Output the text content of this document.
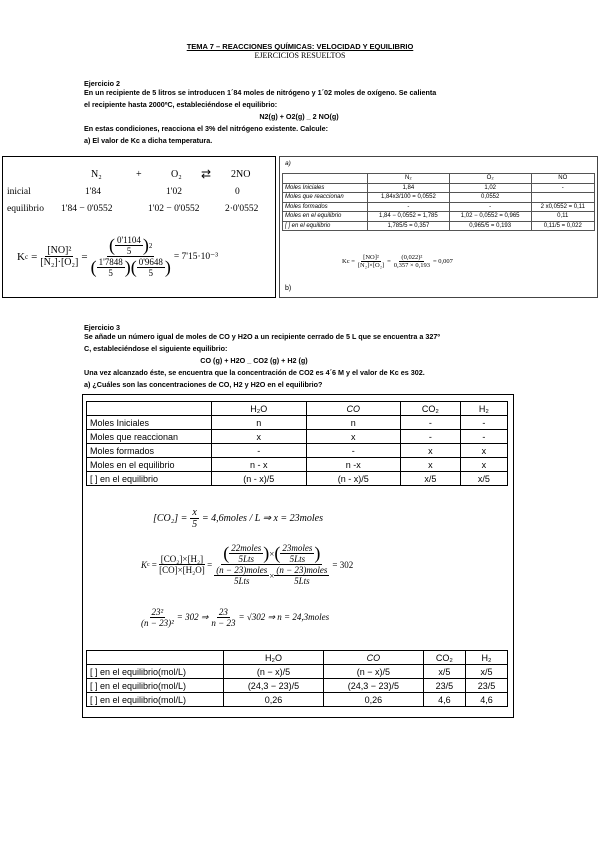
TEMA 7 – REACCIONES QUÍMICAS: VELOCIDAD Y EQUILIBRIO
EJERCICIOS RESUELTOS
Ejercicio 2
En un recipiente de 5 litros se introducen 1´84 moles de nitrógeno y 1´02 moles de oxígeno. Se calienta
el recipiente hasta 2000ºC, estableciéndose el equilibrio:
N2(g) + O2(g) _ 2 NO(g)
En estas condiciones, reacciona el 3% del nitrógeno existente. Calcule:
a) El valor de Kc a dicha temperatura.
N₂	+	O₂ ⇄ 2NO
inicial	1'84	1'02	0
equilibrio 1'84 − 0'0552	1'02 − 0'0552	2·0'0552
K $c = \frac{\text{[NO]²}}{\text{[N₂]·[O₂]}}$ =
( $\frac{0'1104}{5}$ ) 2
( $\frac{1'7848}{5}$ ) ( $\frac{0'9648}{5}$ ) = 7'15·10⁻³
a)
	N₂	O₂	NO
Moles Iniciales	1,84	1,02	-
Moles que reaccionan	1,84x3/100 = 0,0552	0,0552	
Moles formados	-	-	2 x0,0552 = 0,11
Moles en el equilibrio	1,84 − 0,0552 = 1,785	1,02 − 0,0552 = 0,965	0,11
[ ] en el equilibrio	1,785/5 = 0,357	0,965/5 = 0,193	0,11/5 = 0,022
$Kc = \frac{\text{[NO]²}}{\text{[N₂]×[O₂]}} = \frac{\text{(0,022)²}}{0,357 \times 0,193} = 0,007$
b)
Ejercicio 3
Se añade un número igual de moles de CO y H2O a un recipiente cerrado de 5 L que se encuentra a 327º
C, estableciéndose el siguiente equilibrio:
CO (g) + H2O _ CO2 (g) + H2 (g)
Una vez alcanzado éste, se encuentra que la concentración de CO2 es 4´6 M y el valor de Kc es 302.
a) ¿Cuáles son las concentraciones de CO, H2 y H2O en el equilibrio?
	H₂O	CO	CO₂	H₂
Moles Iniciales	n	n	-	-
Moles que reaccionan	x	x	-	-
Moles formados	-	-	x	x
Moles en el equilibrio	n - x	n -x	x	x
[ ] en el equilibrio	(n - x)/5	(n - x)/5	x/5	x/5
$[CO_2] = \frac{x}{5}$ = 4,6moles / L ⇒ x = 23moles
K $c = \frac{\text{[CO₂]×[H₂]}}{\text{[CO]×[H₂O]}} = \frac{( \frac{\text{22moles}}{\text{5Lts}} ) \times ( \frac{\text{23moles}}{\text{5Lts}} )}{\frac{\text{(n − 23)moles}}{\text{5Lts}} \times \frac{\text{(n − 23)moles}}{\text{5Lts}}} = 302$
$\frac{\text{23²}}{\text{(n − 23)²}} = 302$ ⇒ $\frac{23}{n - 23} = √302$ ⇒ n = 24,3moles
	H₂O	CO	CO₂	H₂
[ ] en el equilibrio(mol/L)	(n − x)/5	(n − x)/5	x/5	x/5
[ ] en el equilibrio(mol/L)	(24,3 − 23)/5	(24,3 − 23)/5	23/5	23/5
[ ] en el equilibrio(mol/L)	0,26	0,26	4,6	4,6
